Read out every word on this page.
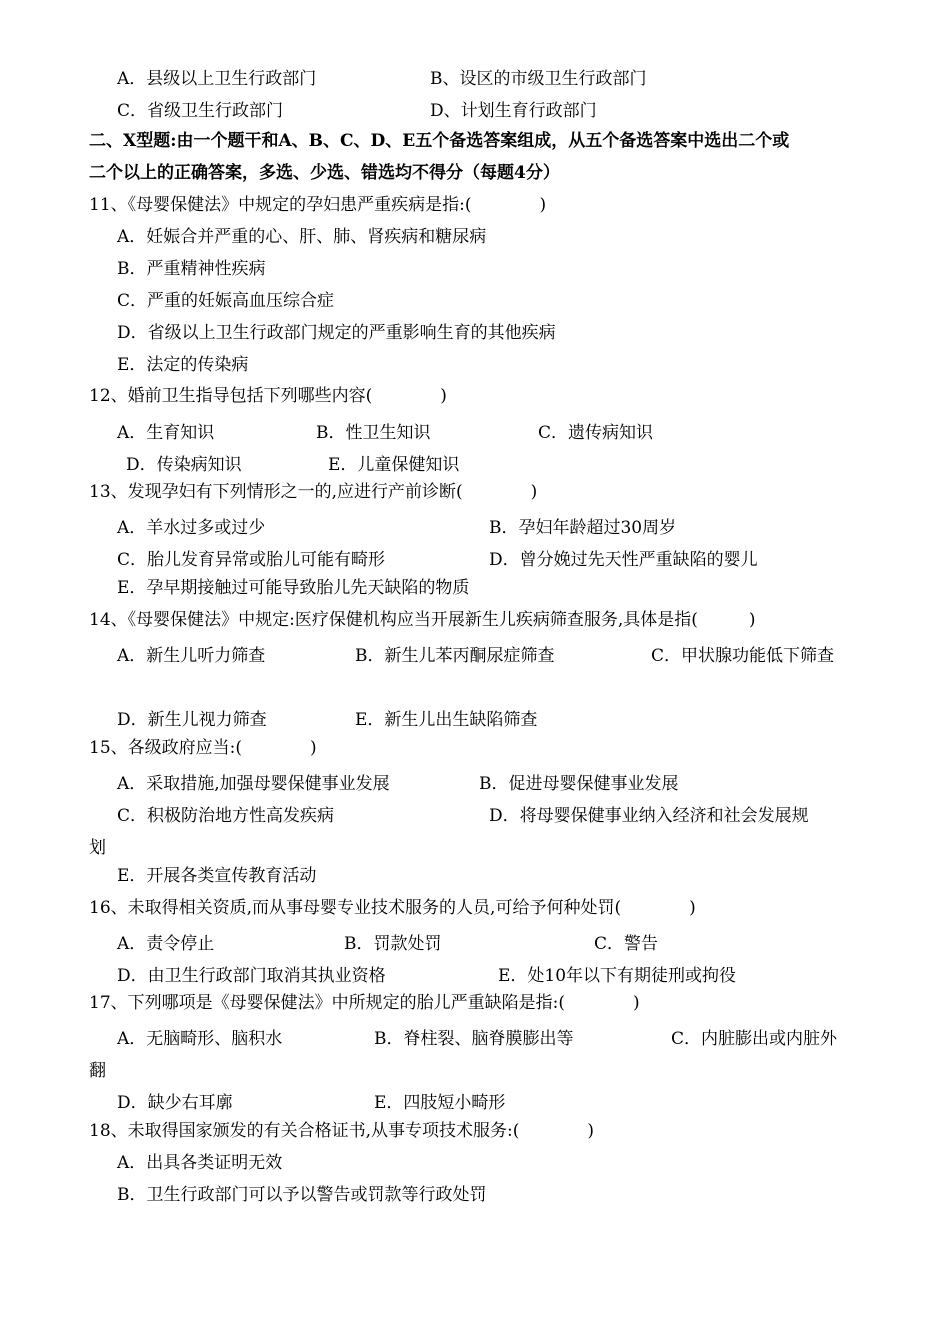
A．县级以上卫生行政部门	B、设区的市级卫生行政部门
C．省级卫生行政部门	D、计划生育行政部门
二、X型题:由一个题干和A、B、C、D、E五个备选答案组成，从五个备选答案中选出二个或
二个以上的正确答案，多选、少选、错选均不得分（每题4分）
11、《母婴保健法》中规定的孕妇患严重疾病是指:(　　　　)
A．妊娠合并严重的心、肝、肺、肾疾病和糖尿病
B．严重精神性疾病
C．严重的妊娠高血压综合症
D．省级以上卫生行政部门规定的严重影响生育的其他疾病
E．法定的传染病
12、婚前卫生指导包括下列哪些内容(　　　　)
A．生育知识	B．性卫生知识	C．遗传病知识
D．传染病知识	E．儿童保健知识
13、发现孕妇有下列情形之一的,应进行产前诊断(　　　　)
A．羊水过多或过少	B．孕妇年龄超过30周岁
C．胎儿发育异常或胎儿可能有畸形	D．曾分娩过先天性严重缺陷的婴儿
E．孕早期接触过可能导致胎儿先天缺陷的物质
14、《母婴保健法》中规定:医疗保健机构应当开展新生儿疾病筛查服务,具体是指(　　　)
A．新生儿听力筛查	B．新生儿苯丙酮尿症筛查	C．甲状腺功能低下筛查
D．新生儿视力筛查	E．新生儿出生缺陷筛查
15、各级政府应当:(　　　　)
A．采取措施,加强母婴保健事业发展	B．促进母婴保健事业发展
C．积极防治地方性高发疾病	D．将母婴保健事业纳入经济和社会发展规
划
E．开展各类宣传教育活动
16、未取得相关资质,而从事母婴专业技术服务的人员,可给予何种处罚(　　　　)
A．责令停止	B．罚款处罚	C．警告
D．由卫生行政部门取消其执业资格	E．处10年以下有期徒刑或拘役
17、下列哪项是《母婴保健法》中所规定的胎儿严重缺陷是指:(　　　　)
A．无脑畸形、脑积水	B．脊柱裂、脑脊膜膨出等	C．内脏膨出或内脏外
翻
D．缺少右耳廓	E．四肢短小畸形
18、未取得国家颁发的有关合格证书,从事专项技术服务:(　　　　)
A．出具各类证明无效
B．卫生行政部门可以予以警告或罚款等行政处罚
